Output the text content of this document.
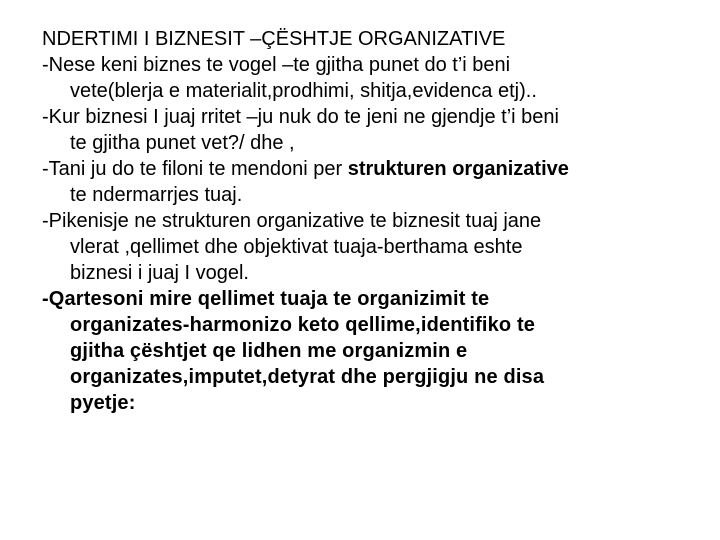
NDERTIMI I BIZNESIT –ÇËSHTJE ORGANIZATIVE
-Nese keni biznes te vogel –te gjitha punet do t’i beni
vete(blerja e materialit,prodhimi, shitja,evidenca etj)..
-Kur biznesi I juaj rritet –ju nuk do te jeni ne gjendje t’i beni
te gjitha punet vet?/ dhe ,
-Tani ju do te filoni te mendoni per strukturen organizative
te ndermarrjes tuaj.
-Pikenisje ne strukturen organizative te biznesit tuaj jane
vlerat ,qellimet dhe objektivat tuaja-berthama eshte
biznesi i juaj I vogel.
-Qartesoni mire qellimet tuaja te organizimit te
organizates-harmonizo keto qellime,identifiko te
gjitha çështjet qe lidhen me organizmin e
organizates,imputet,detyrat dhe pergjigju ne disa
pyetje:
